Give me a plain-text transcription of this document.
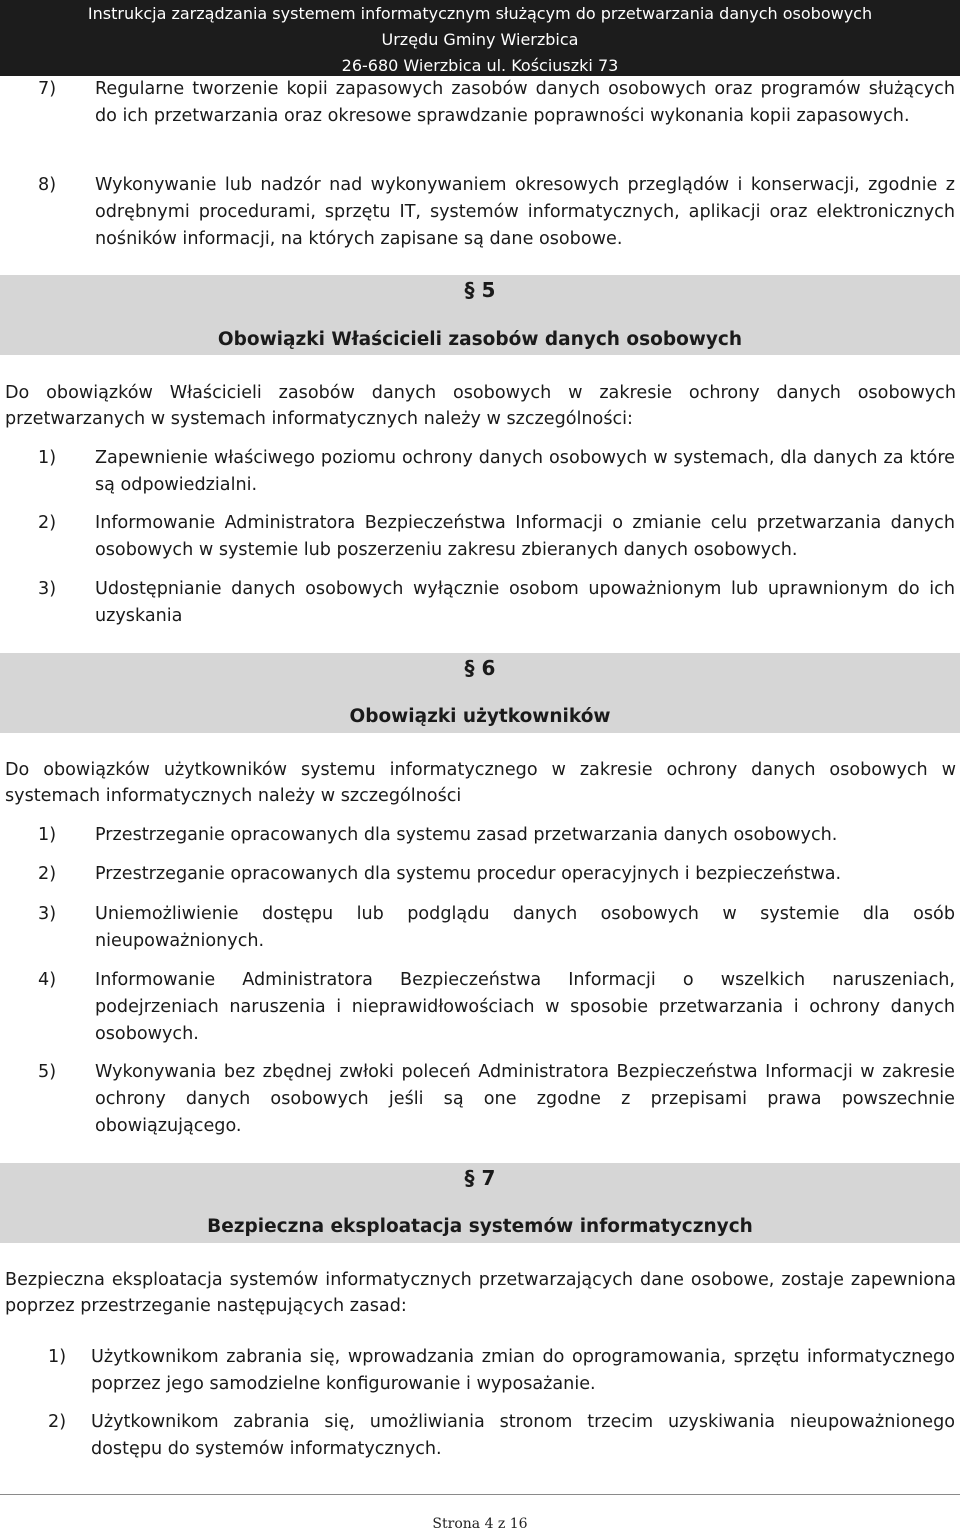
Instrukcja zarządzania systemem informatycznym służącym do przetwarzania danych osobowych
Urzędu Gminy Wierzbica
26-680 Wierzbica ul. Kościuszki 73
7) Regularne tworzenie kopii zapasowych zasobów danych osobowych oraz programów służących do ich przetwarzania oraz okresowe sprawdzanie poprawności wykonania kopii zapasowych.
8) Wykonywanie lub nadzór nad wykonywaniem okresowych przeglądów i konserwacji, zgodnie z odrębnymi procedurami, sprzętu IT, systemów informatycznych, aplikacji oraz elektronicznych nośników informacji, na których zapisane są dane osobowe.
§ 5
Obowiązki Właścicieli zasobów danych osobowych
Do obowiązków Właścicieli zasobów danych osobowych w zakresie ochrony danych osobowych przetwarzanych w systemach informatycznych należy w szczególności:
1) Zapewnienie właściwego poziomu ochrony danych osobowych w systemach, dla danych za które są odpowiedzialni.
2) Informowanie Administratora Bezpieczeństwa Informacji o zmianie celu przetwarzania danych osobowych w systemie lub poszerzeniu zakresu zbieranych danych osobowych.
3) Udostępnianie danych osobowych wyłącznie osobom upoważnionym lub uprawnionym do ich uzyskania
§ 6
Obowiązki użytkowników
Do obowiązków użytkowników systemu informatycznego w zakresie ochrony danych osobowych w systemach informatycznych należy w szczególności
1) Przestrzeganie opracowanych dla systemu zasad przetwarzania danych osobowych.
2) Przestrzeganie opracowanych dla systemu procedur operacyjnych i bezpieczeństwa.
3) Uniemożliwienie dostępu lub podglądu danych osobowych w systemie dla osób nieupoważnionych.
4) Informowanie Administratora Bezpieczeństwa Informacji o wszelkich naruszeniach, podejrzeniach naruszenia i nieprawidłowościach w sposobie przetwarzania i ochrony danych osobowych.
5) Wykonywania bez zbędnej zwłoki poleceń Administratora Bezpieczeństwa Informacji w zakresie ochrony danych osobowych jeśli są one zgodne z przepisami prawa powszechnie obowiązującego.
§ 7
Bezpieczna eksploatacja systemów informatycznych
Bezpieczna eksploatacja systemów informatycznych przetwarzających dane osobowe, zostaje zapewniona poprzez przestrzeganie następujących zasad:
1) Użytkownikom zabrania się, wprowadzania zmian do oprogramowania, sprzętu informatycznego poprzez jego samodzielne konfigurowanie i wyposażanie.
2) Użytkownikom zabrania się, umożliwiania stronom trzecim uzyskiwania nieupoważnionego dostępu do systemów informatycznych.
Strona 4 z 16
